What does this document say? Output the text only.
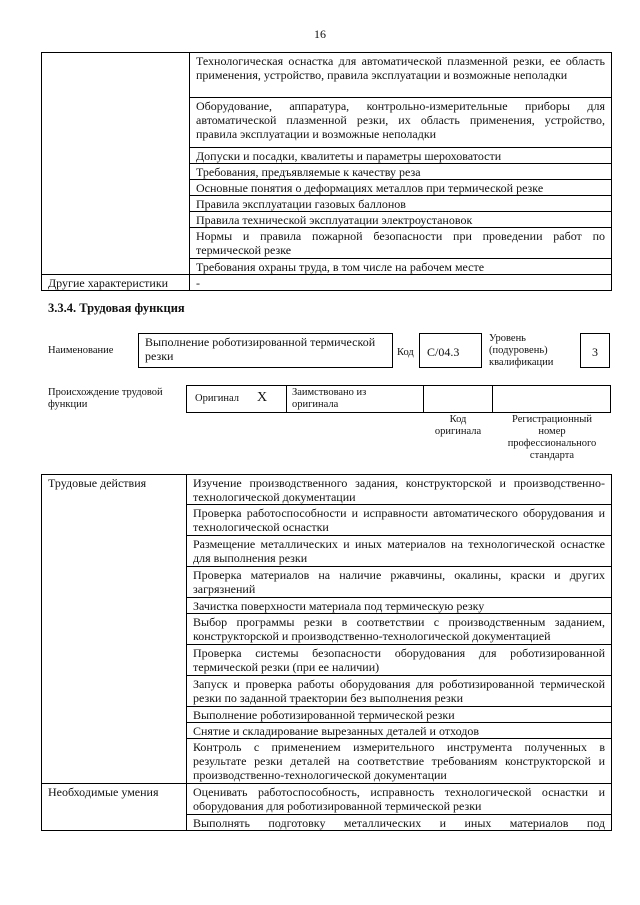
16
	Технологическая оснастка для автоматической плазменной резки, ее область применения, устройство, правила эксплуатации и возможные неполадки
	Оборудование, аппаратура, контрольно-измерительные приборы для автоматической плазменной резки, их область применения, устройство, правила эксплуатации и возможные неполадки
	Допуски и посадки, квалитеты и параметры шероховатости
	Требования, предъявляемые к качеству реза
	Основные понятия о деформациях металлов при термической резке
	Правила эксплуатации газовых баллонов
	Правила технической эксплуатации электроустановок
	Нормы и правила пожарной безопасности при проведении работ по термической резке
	Требования охраны труда, в том числе на рабочем месте
Другие характеристики	-
3.3.4. Трудовая функция
Наименование
Выполнение роботизированной термической резки	Код	C/04.3
Уровень (подуровень) квалификации
3
Происхождение трудовой функции
Оригинал X Заимствовано из оригинала
Код оригинала
Регистрационный номер профессионального стандарта
Трудовые действия	Изучение производственного задания, конструкторской и производственно-технологической документации
	Проверка работоспособности и исправности автоматического оборудования и технологической оснастки
	Размещение металлических и иных материалов на технологической оснастке для выполнения резки
	Проверка материалов на наличие ржавчины, окалины, краски и других загрязнений
	Зачистка поверхности материала под термическую резку
	Выбор программы резки в соответствии с производственным заданием, конструкторской и производственно-технологической документацией
	Проверка системы безопасности оборудования для роботизированной термической резки (при ее наличии)
	Запуск и проверка работы оборудования для роботизированной термической резки по заданной траектории без выполнения резки
	Выполнение роботизированной термической резки
	Снятие и складирование вырезанных деталей и отходов
	Контроль с применением измерительного инструмента полученных в результате резки деталей на соответствие требованиям конструкторской и производственно-технологической документации
Необходимые умения	Оценивать работоспособность, исправность технологической оснастки и оборудования для роботизированной термической резки

	Выполнять подготовку металлических и иных материалов под
